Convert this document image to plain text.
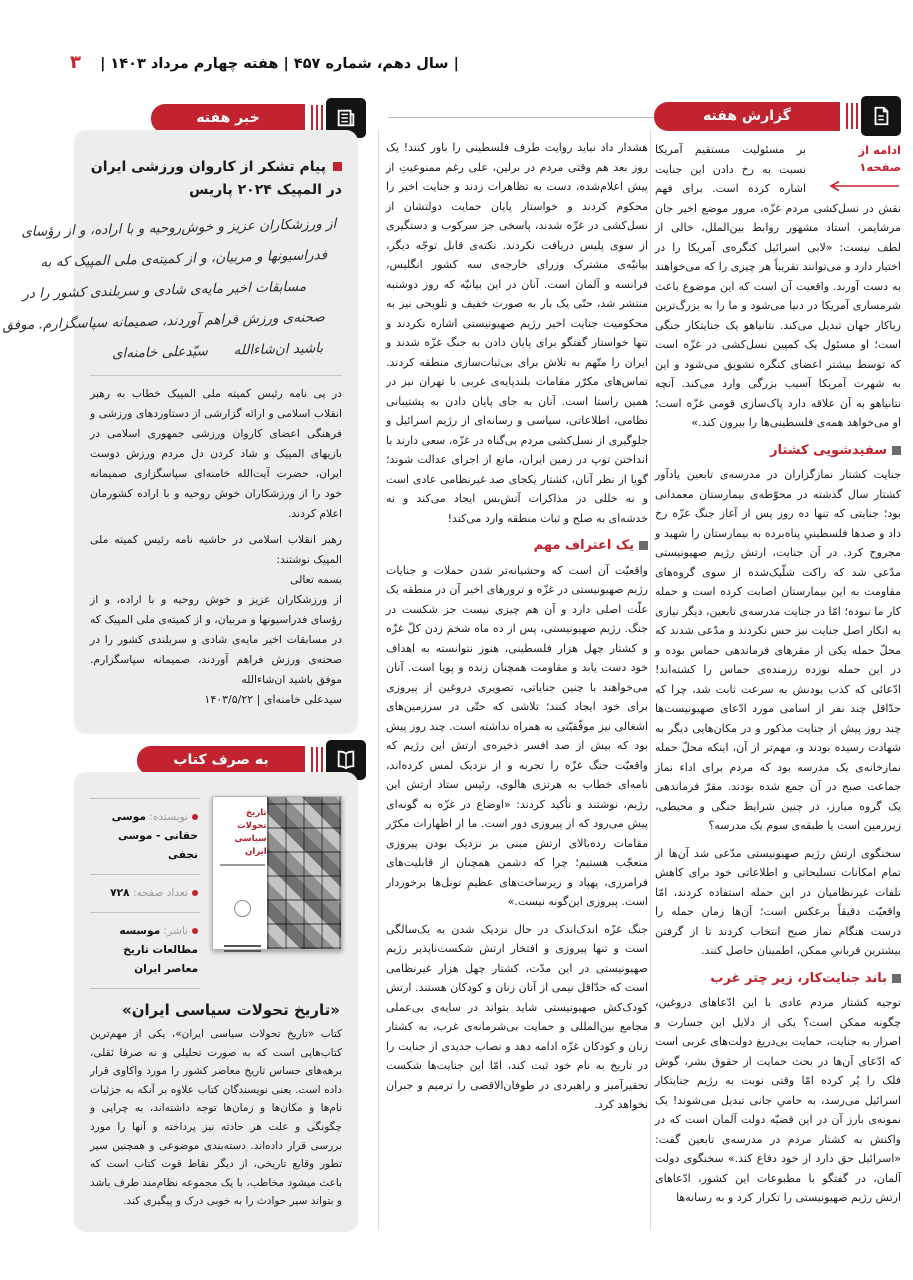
| سال دهم، شماره ۴۵۷ | هفته چهارم مرداد ۱۴۰۳ | ۳
گزارش هفته

ادامه از صفحه۱
بر مسئولیت مستقیم آمریکا نسبت به رخ دادن این جنایت اشاره کرده است. برای فهم نقش در نسل‌کشی مردم غزّه، مرور موضع اخیر جان مرشایمر، استاد مشهور روابط بین‌الملل، خالی از لطف نیست: «لابی اسرائیل کنگره‌ی آمریکا را در اختیار دارد و می‌توانند تقریباً هر چیزی را که می‌خواهند به دست آورند. واقعیت آن است که این موضوع باعث شرمساری آمریکا در دنیا می‌شود و ما را به بزرگ‌ترین ریاکار جهان تبدیل می‌کند. نتانیاهو یک جنایتکار جنگی است؛ او مسئول یک کمپین نسل‌کشی در غزّه است که توسط بیشتر اعضای کنگره تشویق می‌شود و این به شهرت آمریکا آسیب بزرگی وارد می‌کند. آنچه نتانیاهو به آن علاقه دارد پاک‌سازی قومی غزّه است؛ او می‌خواهد همه‌ی فلسطینی‌ها را بیرون کند.»

سفیدشویی کشتار

جنایت کشتار نمازگزاران در مدرسه‌ی تابعین یادآور کشتار سال گذشته در محوّطه‌ی بیمارستان معمدانی بود؛ جنایتی که تنها ده روز پس از آغاز جنگ غزّه رخ داد و صدها فلسطینیِ پناه‌برده به بیمارستان را شهید و مجروح کرد. در آن جنایت، ارتش رژیم صهیونیستی مدّعی شد که راکت شلّیک‌شده از سوی گروه‌های مقاومت به این بیمارستان اصابت کرده است و حمله کار ما نبوده؛ امّا در جنایت مدرسه‌ی تابعین، دیگر نیازی به انکار اصل جنایت نیز حس نکردند و مدّعی شدند که محلّ حمله یکی از مقرهای فرماندهی حماس بوده و در این حمله نوزده رزمنده‌ی حماس را کشته‌اند! ادّعائی که کذب بودنش به سرعت ثابت شد، چرا که حدّاقل چند نفر از اسامی مورد ادّعای صهیونیست‌ها چند روز پیش از جنایت مذکور و در مکان‌هایی دیگر به شهادت رسیده بودند و، مهم‌تر از آن، اینکه محلّ حمله نمازخانه‌ی یک مدرسه بود که مردم برای اداء نماز جماعت صبح در آن جمع شده بودند. مقرّ فرماندهی یک گروه مبارز، در چنین شرایط جنگی و محیطی، زیرزمین است یا طبقه‌ی سوم یک مدرسه؟

سخنگوی ارتش رژیم صهیونیستی مدّعی شد آن‌ها از تمام امکانات تسلیحاتی و اطلاعاتی خود برای کاهش تلفات غیرنظامیان در این حمله استفاده کردند، امّا واقعیّت دقیقاً برعکس است؛ آن‌ها زمان حمله را درست هنگام نماز صبح انتخاب کردند تا از گرفتن بیشترین قربانیِ ممکن، اطمینان حاصل کنند.

باند جنایت‌کار، زیر چتر غرب

توجیه کشتار مردم عادی با این ادّعاهای دروغین، چگونه ممکن است؟ یکی از دلایل این جسارت و اصرار به جنایت، حمایت بی‌دریغ دولت‌های غربی است که ادّعای آن‌ها در بحث حمایت از حقوق بشر، گوش فلک را پُر کرده امّا وقتی نوبت به رژیم جنایتکار اسرائیل می‌رسد، به حامیِ جانی تبدیل می‌شوند! یک نمونه‌ی بارز آن در این قضیّه دولت آلمان است که در واکنش به کشتار مردم در مدرسه‌ی تابعین گفت: «اسرائیل حق دارد از خود دفاع کند.» سخنگوی دولت آلمان، در گفتگو با مطبوعات این کشور، ادّعاهای ارتش رژیم صهیونیستی را تکرار کرد و به رسانه‌ها

هشدار داد نباید روایت طرف فلسطینی را باور کنند! یک روز بعد هم وقتی مردم در برلین، علی رغم ممنوعیتِ از پیش اعلام‌شده، دست به تظاهرات زدند و جنایت اخیر را محکوم کردند و خواستار پایان حمایت دولتشان از نسل‌کشی در غزّه شدند، پاسخی جز سرکوب و دستگیری از سوی پلیس دریافت نکردند. نکته‌ی قابل توجّه دیگر، بیانیّه‌ی مشترک وزرای خارجه‌ی سه کشور انگلیس، فرانسه و آلمان است. آنان در این بیانیّه که روز دوشنبه منتشر شد، حتّی یک بار به صورت خفیف و تلویحی نیز به محکومیت جنایت اخیر رژیم صهیونیستی اشاره نکردند و تنها خواستار گفتگو برای پایان دادن به جنگ غزّه شدند و ایران را متّهم به تلاش برای بی‌ثبات‌سازی منطقه کردند. تماس‌های مکرّر مقامات بلندپایه‌ی غربی با تهران نیز در همین راستا است. آنان به جای پایان دادن به پشتیبانی نظامی، اطلاعاتی، سیاسی و رسانه‌ای از رژیم اسرائیل و جلوگیری از نسل‌کشی مردم بی‌گناه در غزّه، سعی دارند با انداختن توپ در زمین ایران، مانع از اجرای عدالت شوند؛ گویا از نظر آنان، کشتار یکجای صد غیرنظامی عادی است و نه خللی در مذاکرات آتش‌بس ایجاد می‌کند و نه خدشه‌ای به صلح و ثبات منطقه وارد می‌کند!

یک اعتراف مهم

واقعیّت آن است که وحشیانه‌تر شدن حملات و جنایات رژیم صهیونیستی در غزّه و ترورهای اخیر آن در منطقه یک علّت اصلی دارد و آن هم چیزی نیست جز شکست در جنگ. رژیم صهیونیستی، پس از ده ماه شخم زدن کلّ غزّه و کشتار چهل هزار فلسطینی، هنوز نتوانسته به اهداف خود دست یابد و مقاومت همچنان زنده و پویا است. آنان می‌خواهند با چنین جنایاتی، تصویری دروغین از پیروزی برای خود ایجاد کنند؛ تلاشی که حتّی در سرزمین‌های اشغالی نیز موفّقیّتی به همراه نداشته است. چند روز پیش بود که بیش از صد افسر ذخیره‌ی ارتش این رژیم که واقعیّت جنگ غزّه را تجربه و از نزدیک لمس کرده‌اند، نامه‌ای خطاب به هرتزی هالوی، رئیس ستاد ارتش این رژیم، نوشتند و تأکید کردند: «اوضاع در غزّه به گونه‌ای پیش می‌رود که از پیروزی دور است. ما از اظهارات مکرّر مقامات رده‌بالای ارتش مبنی بر نزدیک بودن پیروزی متعجّب هستیم؛ چرا که دشمن همچنان از قابلیت‌های فرامرزی، پهپاد و زیرساخت‌های عظیمِ تونل‌ها برخوردار است. پیروزی این‌گونه نیست.»

جنگ غزّه اندک‌اندک در حال نزدیک شدن به یک‌سالگی است و تنها پیروزی و افتخار ارتش شکست‌ناپذیر رژیم صهیونیستی در این مدّت، کشتار چهل هزار غیرنظامی است که حدّاقل نیمی از آنان زنان و کودکان هستند. ارتش کودک‌کش صهیونیستی شاید بتواند در سایه‌ی بی‌عملی مجامع بین‌المللی و حمایت بی‌شرمانه‌ی غرب، به کشتار زنان و کودکان غزّه ادامه دهد و نصاب جدیدی از جنایت را در تاریخ به نام خود ثبت کند، امّا این جنایت‌ها شکست تحقیرآمیز و راهبردی در طوفان‌الاقصی را ترمیم و جبران نخواهد کرد.

خبر هفته
پیام تشکر از کاروان ورزشی ایران در المپیک ۲۰۲۴ پاریس
از ورزشکاران عزیز و خوش‌روحیه و با اراده، و از رؤسای
فدراسیونها و مربیان، و از کمیته‌ی ملی المپیک که به
مسابقات اخیر مایه‌ی شادی و سربلندی کشور را در
صحنه‌ی ورزش فراهم آوردند، صمیمانه سپاسگزارم. موفق
باشید ان‌شاءالله      سیّدعلی خامنه‌ای

در پی نامه رئیس کمیته ملی المپیک خطاب به رهبر انقلاب اسلامی و ارائه گزارشی از دستاوردهای ورزشی و فرهنگی اعضای کاروان ورزشی جمهوری اسلامی در بازیهای المپیک و شاد کردن دل مردم ورزش دوست ایران، حضرت آیت‌الله خامنه‌ای سپاسگزاری صمیمانه خود را از ورزشکاران خوش روحیه و با اراده کشورمان اعلام کردند.

رهبر انقلاب اسلامی در حاشیه نامه رئیس کمیته ملی المپیک نوشتند:

بسمه تعالی

از ورزشکاران عزیز و خوش روحیه و با اراده، و از رؤسای فدراسیونها و مربیان، و از کمیته‌ی ملی المپیک که در مسابقات اخیر مایه‌ی شادی و سربلندی کشور را در صحنه‌ی ورزش فراهم آوردند، صمیمانه سپاسگزارم. موفق باشید ان‌شاءالله

سیدعلی خامنه‌ای | ۱۴۰۳/۵/۲۲

به صرف کتاب
تاریخ تحولات سیاسی ایران
نویسنده: موسی حقانی - موسی نجفی
تعداد صفحه: ۷۲۸
ناشر: موسسه مطالعات تاریخ معاصر ایران
«تاریخ تحولات سیاسی ایران»
کتاب «تاریخ تحولات سیاسی ایران»، یکی از مهم‌ترین کتاب‌هایی است که به صورت تحلیلی و نه صرفا نَقلی، برهه‌های حساس تاریخ معاصر کشور را مورد واکاوی قرار داده است. یعنی نویسندگان کتاب علاوه بر آنکه به جزئیات نام‌ها و مکان‌ها و زمان‌ها توجه داشته‌اند، به چرایی و چگونگی و علت هر حادثه نیز پرداخته و آنها را مورد بررسی قرار داده‌اند. دسته‌بندی موضوعی و همچنین سیر تطور وقایع تاریخی، از دیگر نقاط قوت کتاب است که باعث میشود مخاطب، با یک مجموعه نظام‌مند طرف باشد و بتواند سیر حوادث را به خوبی درک و پیگیری کند.
